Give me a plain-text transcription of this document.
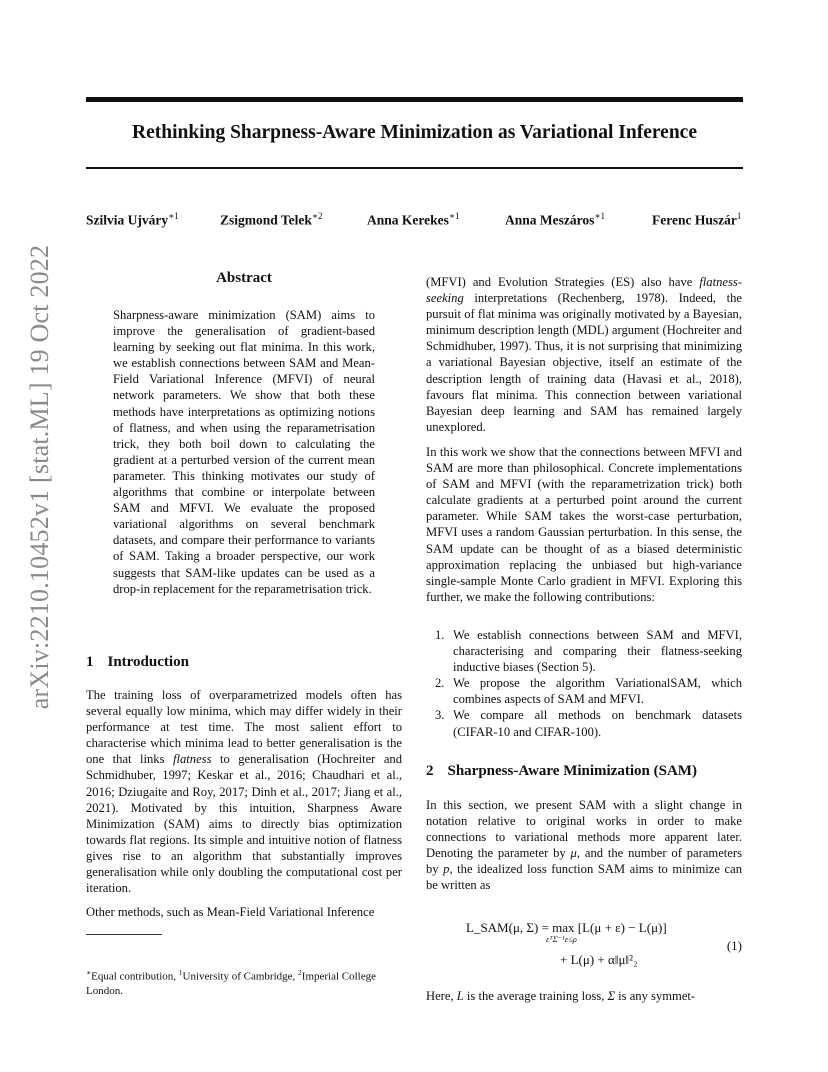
Rethinking Sharpness-Aware Minimization as Variational Inference
Szilvia Ujváry$^{∗1}$	Zsigmond Telek$^{∗2}$	Anna Kerekes$^{∗1}$	Anna Meszáros$^{∗1}$	Ferenc Huszár$^1$
arXiv:2210.10452v1 [stat.ML] 19 Oct 2022	Abstract

Sharpness-aware minimization (SAM) aims to improve the generalisation of gradient-based learning by seeking out flat minima. In this work, we establish connections between SAM and Mean-Field Variational Inference (MFVI) of neural network parameters. We show that both these methods have interpretations as optimizing notions of flatness, and when using the reparametrisation trick, they both boil down to calculating the gradient at a perturbed version of the current mean parameter. This thinking motivates our study of algorithms that combine or interpolate between SAM and MFVI. We evaluate the proposed variational algorithms on several benchmark datasets, and compare their performance to variants of SAM. Taking a broader perspective, our work suggests that SAM-like updates can be used as a drop-in replacement for the reparametrisation trick.

1 Introduction

The training loss of overparametrized models often has several equally low minima, which may differ widely in their performance at test time. The most salient effort to characterise which minima lead to better generalisation is the one that links flatness to generalisation (Hochreiter and Schmidhuber, 1997; Keskar et al., 2016; Chaudhari et al., 2016; Dziugaite and Roy, 2017; Dinh et al., 2017; Jiang et al., 2021). Motivated by this intuition, Sharpness Aware Minimization (SAM) aims to directly bias optimization towards flat regions. Its simple and intuitive notion of flatness gives rise to an algorithm that substantially improves generalisation while only doubling the computational cost per iteration.

Other methods, such as Mean-Field Variational Inference

∗Equal contribution, $^1$University of Cambridge, $^2$Imperial College London.

(MFVI) and Evolution Strategies (ES) also have flatness-seeking interpretations (Rechenberg, 1978). Indeed, the pursuit of flat minima was originally motivated by a Bayesian, minimum description length (MDL) argument (Hochreiter and Schmidhuber, 1997). Thus, it is not surprising that minimizing a variational Bayesian objective, itself an estimate of the description length of training data (Havasi et al., 2018), favours flat minima. This connection between variational Bayesian deep learning and SAM has remained largely unexplored.

In this work we show that the connections between MFVI and SAM are more than philosophical. Concrete implementations of SAM and MFVI (with the reparametrization trick) both calculate gradients at a perturbed point around the current parameter. While SAM takes the worst-case perturbation, MFVI uses a random Gaussian perturbation. In this sense, the SAM update can be thought of as a biased deterministic approximation replacing the unbiased but high-variance single-sample Monte Carlo gradient in MFVI. Exploring this further, we make the following contributions:

1. We establish connections between SAM and MFVI, characterising and comparing their flatness-seeking inductive biases (Section 5).
2. We propose the algorithm VariationalSAM, which combines aspects of SAM and MFVI.
3. We compare all methods on benchmark datasets (CIFAR-10 and CIFAR-100).
2 Sharpness-Aware Minimization (SAM)

In this section, we present SAM with a slight change in notation relative to original works in order to make connections to variational methods more apparent later. Denoting the parameter by μ, and the number of parameters by p, the idealized loss function SAM aims to minimize can be written as

L_SAM(μ, Σ) = max [L(μ + ε) − L(μ)]
εᵀΣ⁻¹ε≤ρ
+ L(μ) + α‖μ‖²₂
(1)

Here, L is the average training loss, Σ is any symmet-
